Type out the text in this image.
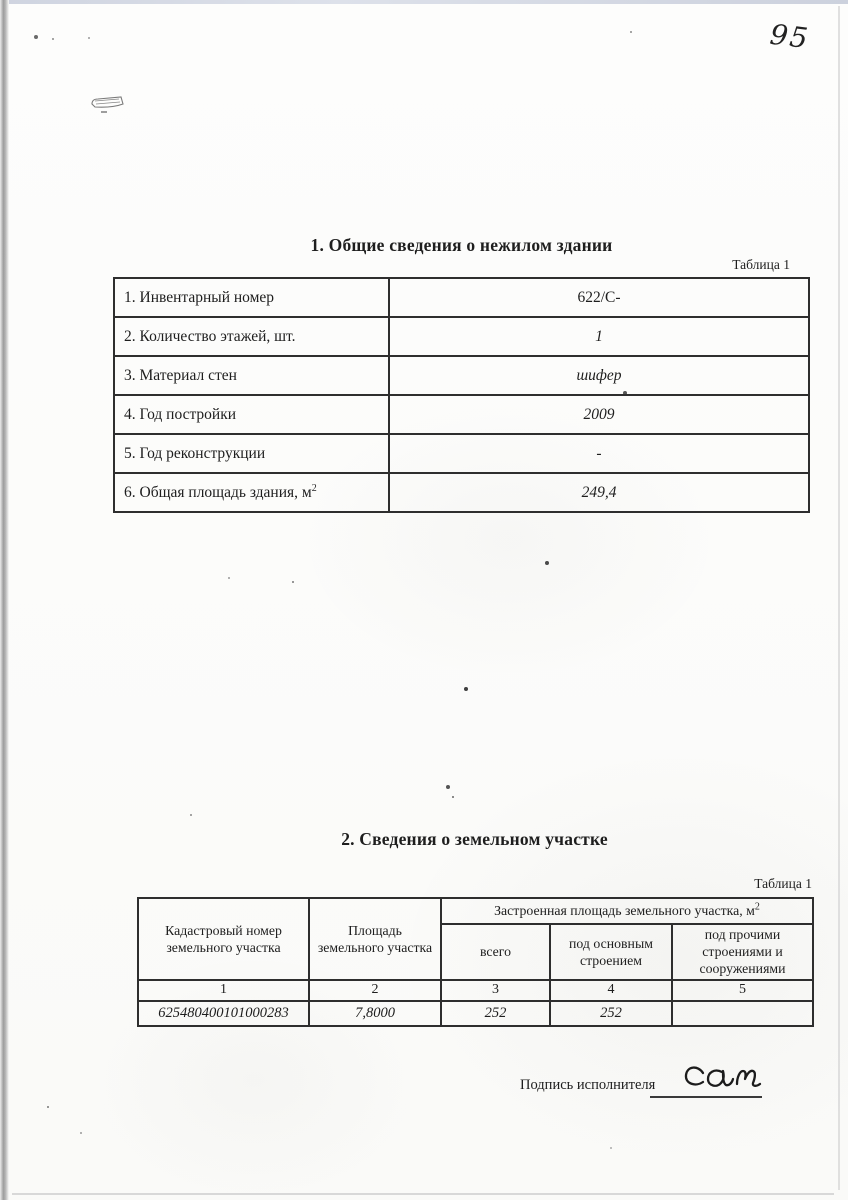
95
1. Общие сведения о нежилом здании
Таблица 1
1. Инвентарный номер	622/С-
2. Количество этажей, шт.	1
3. Материал стен	шифер
4. Год постройки	2009
5. Год реконструкции	-
6. Общая площадь здания, $м^2$	249,4
2. Сведения о земельном участке
Таблица 1
Кадастровый номер земельного участка	Площадь земельного участка	Застроенная площадь земельного участка, $м^2$
		всего	под основным строением	под прочими строениями и сооружениями
1	2	3	4	5
625480400101000283	7,8000	252	252	
Подпись исполнителя
